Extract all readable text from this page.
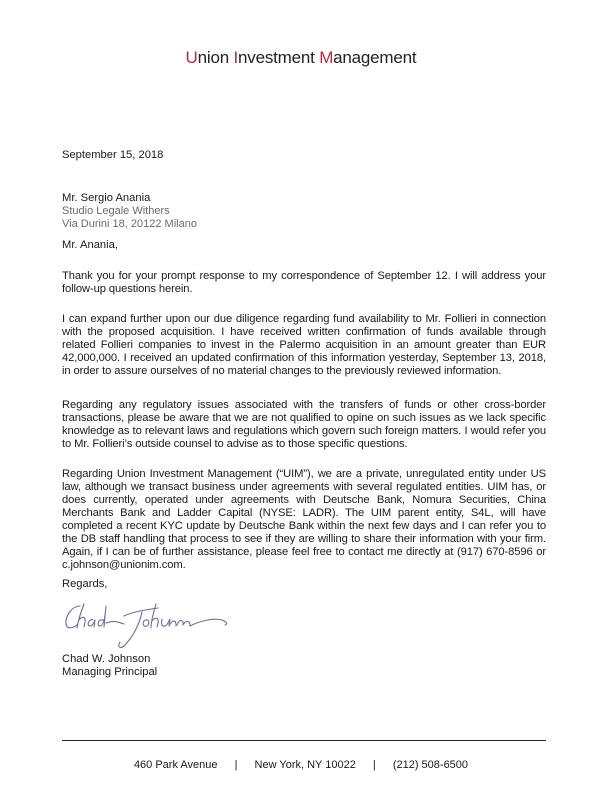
Union Investment Management
September 15, 2018
Mr. Sergio Anania
Studio Legale Withers
Via Durini 18, 20122 Milano
Mr. Anania,
Thank you for your prompt response to my correspondence of September 12. I will address your follow-up questions herein.
I can expand further upon our due diligence regarding fund availability to Mr. Follieri in connection with the proposed acquisition. I have received written confirmation of funds available through related Follieri companies to invest in the Palermo acquisition in an amount greater than EUR 42,000,000. I received an updated confirmation of this information yesterday, September 13, 2018, in order to assure ourselves of no material changes to the previously reviewed information.
Regarding any regulatory issues associated with the transfers of funds or other cross-border transactions, please be aware that we are not qualified to opine on such issues as we lack specific knowledge as to relevant laws and regulations which govern such foreign matters. I would refer you to Mr. Follieri’s outside counsel to advise as to those specific questions.
Regarding Union Investment Management (“UIM”), we are a private, unregulated entity under US law, although we transact business under agreements with several regulated entities. UIM has, or does currently, operated under agreements with Deutsche Bank, Nomura Securities, China Merchants Bank and Ladder Capital (NYSE: LADR). The UIM parent entity, S4L, will have completed a recent KYC update by Deutsche Bank within the next few days and I can refer you to the DB staff handling that process to see if they are willing to share their information with your firm. Again, if I can be of further assistance, please feel free to contact me directly at (917) 670-8596 or c.johnson@unionim.com.
Regards,
Chad W. Johnson
Managing Principal
460 Park Avenue | New York, NY 10022 | (212) 508-6500
